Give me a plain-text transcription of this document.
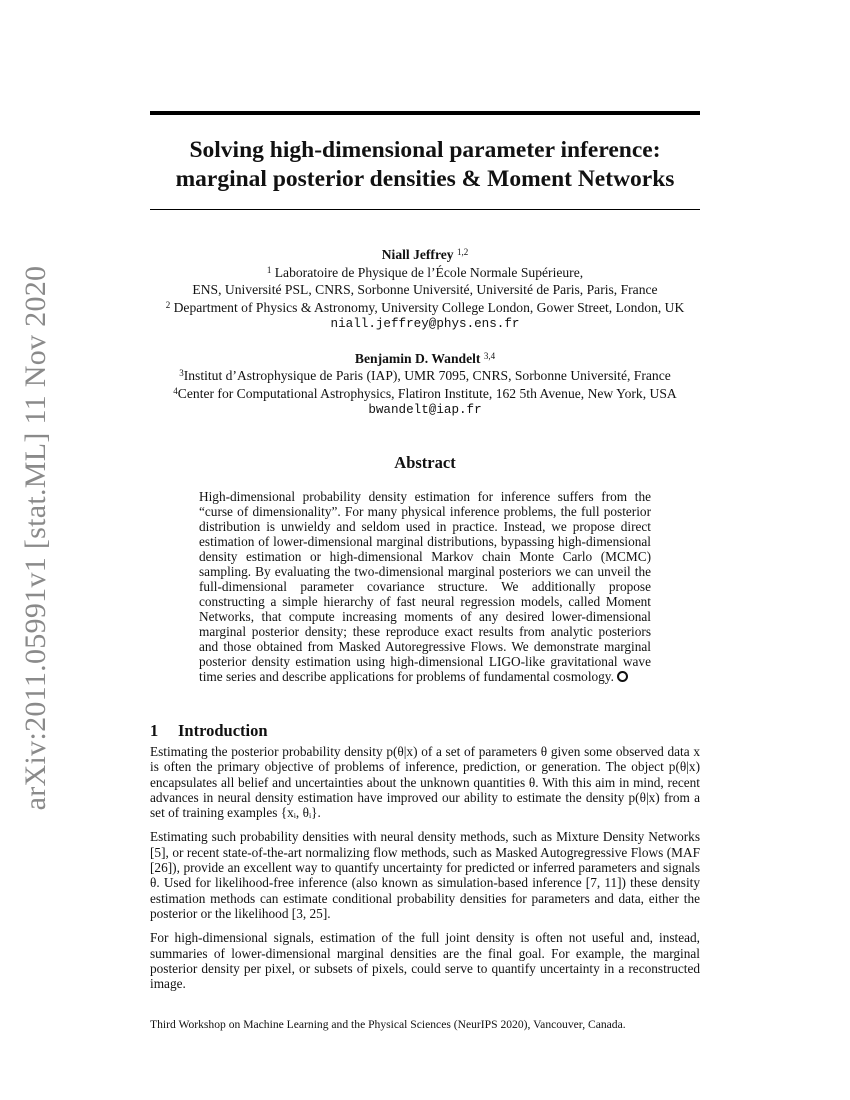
arXiv:2011.05991v1 [stat.ML] 11 Nov 2020
Solving high-dimensional parameter inference:
marginal posterior densities & Moment Networks
Niall Jeffrey $^{1,2}$
$^1$ Laboratoire de Physique de l’École Normale Supérieure,
ENS, Université PSL, CNRS, Sorbonne Université, Université de Paris, Paris, France
$^2$ Department of Physics & Astronomy, University College London, Gower Street, London, UK
niall.jeffrey@phys.ens.fr
Benjamin D. Wandelt $^{3,4}$
$^3$Institut d’Astrophysique de Paris (IAP), UMR 7095, CNRS, Sorbonne Université, France
$^4$Center for Computational Astrophysics, Flatiron Institute, 162 5th Avenue, New York, USA
bwandelt@iap.fr
Abstract
High-dimensional probability density estimation for inference suffers from the “curse of dimensionality”. For many physical inference problems, the full posterior distribution is unwieldy and seldom used in practice. Instead, we propose direct estimation of lower-dimensional marginal distributions, bypassing high-dimensional density estimation or high-dimensional Markov chain Monte Carlo (MCMC) sampling. By evaluating the two-dimensional marginal posteriors we can unveil the full-dimensional parameter covariance structure. We additionally propose constructing a simple hierarchy of fast neural regression models, called Moment Networks, that compute increasing moments of any desired lower-dimensional marginal posterior density; these reproduce exact results from analytic posteriors and those obtained from Masked Autoregressive Flows. We demonstrate marginal posterior density estimation using high-dimensional LIGO-like gravitational wave time series and describe applications for problems of fundamental cosmology.
1 Introduction

Estimating the posterior probability density p(θ|x) of a set of parameters θ given some observed data x is often the primary objective of problems of inference, prediction, or generation. The object p(θ|x) encapsulates all belief and uncertainties about the unknown quantities θ. With this aim in mind, recent advances in neural density estimation have improved our ability to estimate the density p(θ|x) from a set of training examples {xᵢ, θᵢ}.

Estimating such probability densities with neural density methods, such as Mixture Density Networks [5], or recent state-of-the-art normalizing flow methods, such as Masked Autogregressive Flows (MAF [26]), provide an excellent way to quantify uncertainty for predicted or inferred parameters and signals θ. Used for likelihood-free inference (also known as simulation-based inference [7, 11]) these density estimation methods can estimate conditional probability densities for parameters and data, either the posterior or the likelihood [3, 25].

For high-dimensional signals, estimation of the full joint density is often not useful and, instead, summaries of lower-dimensional marginal densities are the final goal. For example, the marginal posterior density per pixel, or subsets of pixels, could serve to quantify uncertainty in a reconstructed image.

Third Workshop on Machine Learning and the Physical Sciences (NeurIPS 2020), Vancouver, Canada.
